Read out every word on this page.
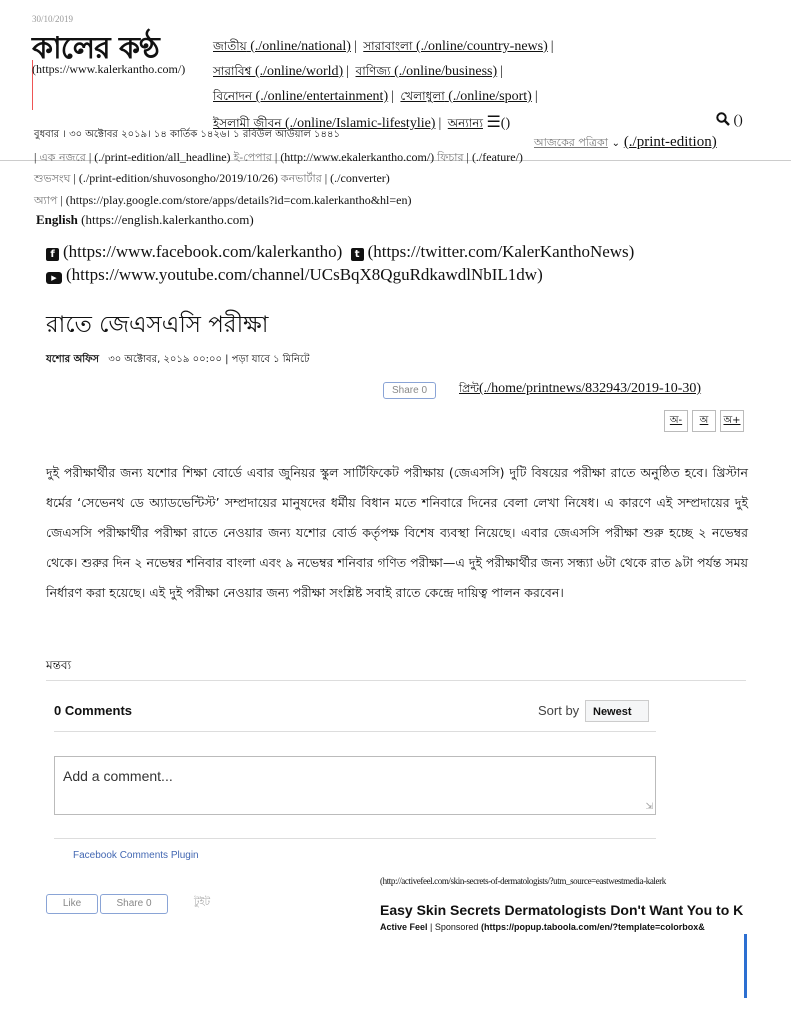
30/10/2019
কালের কণ্ঠ
(https://www.kalerkantho.com/)
জাতীয় (./online/national) | সারাবাংলা (./online/country-news) |
সারাবিশ্ব (./online/world) | বাণিজ্য (./online/business) |
বিনোদন (./online/entertainment) | খেলাধুলা (./online/sport) |
ইসলামী জীবন (./online/Islamic-lifestylie) | অন্যান্য ☰()	()
বুধবার । ৩০ অক্টোবর ২০১৯। ১৪ কার্তিক ১৪২৬। ১ রবিউল আউয়াল ১৪৪১
আজকের পত্রিকা ⌄ (./print-edition)
| এক নজরে | (./print-edition/all_headline) ই-পেপার | (http://www.ekalerkantho.com/) ফিচার | (./feature/)
শুভসংঘ | (./print-edition/shuvosongho/2019/10/26) কনভার্টার | (./converter)
অ্যাপ | (https://play.google.com/store/apps/details?id=com.kalerkantho&hl=en)
English (https://english.kalerkantho.com)
f (https://www.facebook.com/kalerkantho) t (https://twitter.com/KalerKanthoNews)
▶ (https://www.youtube.com/channel/UCsBqX8QguRdkawdlNbIL1dw)
রাতে জেএসএসি পরীক্ষা
যশোর অফিস ৩০ অক্টোবর, ২০১৯ ০০:০০ | পড়া যাবে ১ মিনিটে
Share 0	প্রিন্ট(./home/printnews/832943/2019-10-30)
অ-	অ	অ+
দুই পরীক্ষার্থীর জন্য যশোর শিক্ষা বোর্ডে এবার জুনিয়র স্কুল সার্টিফিকেট পরীক্ষায় (জেএসসি) দুটি বিষয়ের পরীক্ষা রাতে অনুষ্ঠিত হবে। খ্রিস্টান ধর্মের ‘সেভেনথ ডে অ্যাডভেন্টিস্ট’ সম্প্রদায়ের মানুষদের ধর্মীয় বিধান মতে শনিবারে দিনের বেলা লেখা নিষেধ। এ কারণে এই সম্প্রদায়ের দুই জেএসসি পরীক্ষার্থীর পরীক্ষা রাতে নেওয়ার জন্য যশোর বোর্ড কর্তৃপক্ষ বিশেষ ব্যবস্থা নিয়েছে। এবার জেএসসি পরীক্ষা শুরু হচ্ছে ২ নভেম্বর থেকে। শুরুর দিন ২ নভেম্বর শনিবার বাংলা এবং ৯ নভেম্বর শনিবার গণিত পরীক্ষা—এ দুই পরীক্ষার্থীর জন্য সন্ধ্যা ৬টা থেকে রাত ৯টা পর্যন্ত সময় নির্ধারণ করা হয়েছে। এই দুই পরীক্ষা নেওয়ার জন্য পরীক্ষা সংশ্লিষ্ট সবাই রাতে কেন্দ্রে দায়িত্ব পালন করবেন।
মন্তব্য
0 Comments	Sort by	Newest
Add a comment...
⇲
Facebook Comments Plugin
Like	Share 0	টুইট
(http://activefeel.com/skin-secrets-of-dermatologists/?utm_source=eastwestmedia-kalerk
Easy Skin Secrets Dermatologists Don't Want You to K
Active Feel | Sponsored (https://popup.taboola.com/en/?template=colorbox&
